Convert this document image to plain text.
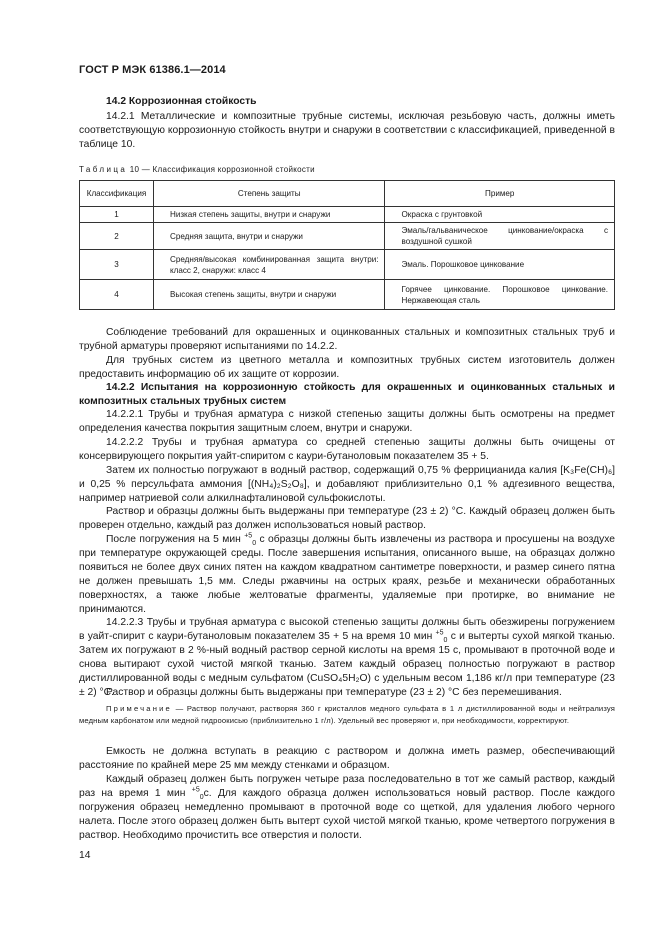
ГОСТ Р МЭК 61386.1—2014
14.2 Коррозионная стойкость
14.2.1 Металлические и композитные трубные системы, исключая резьбовую часть, должны иметь соответствующую коррозионную стойкость внутри и снаружи в соответствии с классификацией, приведенной в таблице 10.
Таблица 10 — Классификация коррозионной стойкости
Классификация	Степень защиты	Пример
1	Низкая степень защиты, внутри и снаружи	Окраска с грунтовкой
2	Средняя защита, внутри и снаружи	Эмаль/гальваническое цинкование/окраска с воздушной сушкой
3	Средняя/высокая комбинированная защита внутри: класс 2, снаружи: класс 4	Эмаль. Порошковое цинкование
4	Высокая степень защиты, внутри и снаружи	Горячее цинкование. Порошковое цинкование. Нержавеющая сталь
Соблюдение требований для окрашенных и оцинкованных стальных и композитных стальных труб и трубной арматуры проверяют испытаниями по 14.2.2.
Для трубных систем из цветного металла и композитных трубных систем изготовитель должен предоставить информацию об их защите от коррозии.
14.2.2 Испытания на коррозионную стойкость для окрашенных и оцинкованных стальных и композитных стальных трубных систем
14.2.2.1 Трубы и трубная арматура с низкой степенью защиты должны быть осмотрены на предмет определения качества покрытия защитным слоем, внутри и снаружи.
14.2.2.2 Трубы и трубная арматура со средней степенью защиты должны быть очищены от консервирующего покрытия уайт-спиритом с каури-бутаноловым показателем 35 + 5.
Затем их полностью погружают в водный раствор, содержащий 0,75 % феррицианида калия [K₃Fe(CH)₆] и 0,25 % персульфата аммония [(NH₄)₂S₂O₈], и добавляют приблизительно 0,1 % адгезивного вещества, например натриевой соли алкилнафталиновой сульфокислоты.
Раствор и образцы должны быть выдержаны при температуре (23 ± 2) °С. Каждый образец должен быть проверен отдельно, каждый раз должен использоваться новый раствор.
После погружения на 5 мин $^{+5}_0$ с образцы должны быть извлечены из раствора и просушены на воздухе при температуре окружающей среды. После завершения испытания, описанного выше, на образцах должно появиться не более двух синих пятен на каждом квадратном сантиметре поверхности, и размер синего пятна не должен превышать 1,5 мм. Следы ржавчины на острых краях, резьбе и механически обработанных поверхностях, а также любые желтоватые фрагменты, удаляемые при протирке, во внимание не принимаются.
14.2.2.3 Трубы и трубная арматура с высокой степенью защиты должны быть обезжирены погружением в уайт-спирит с каури-бутаноловым показателем 35 + 5 на время 10 мин $^{+5}_0$ с и вытерты сухой мягкой тканью. Затем их погружают в 2 %-ный водный раствор серной кислоты на время 15 с, промывают в проточной воде и снова вытирают сухой чистой мягкой тканью. Затем каждый образец полностью погружают в раствор дистиллированной воды с медным сульфатом (CuSO₄5H₂O) с удельным весом 1,186 кг/л при температуре (23 ± 2) °С.
Раствор и образцы должны быть выдержаны при температуре (23 ± 2) °С без перемешивания.
Примечание — Раствор получают, растворяя 360 г кристаллов медного сульфата в 1 л дистиллированной воды и нейтрализуя медным карбонатом или медной гидроокисью (приблизительно 1 г/л). Удельный вес проверяют и, при необходимости, корректируют.
Емкость не должна вступать в реакцию с раствором и должна иметь размер, обеспечивающий расстояние по крайней мере 25 мм между стенками и образцом.
Каждый образец должен быть погружен четыре раза последовательно в тот же самый раствор, каждый раз на время 1 мин $^{+5}_0$с. Для каждого образца должен использоваться новый раствор. После каждого погружения образец немедленно промывают в проточной воде со щеткой, для удаления любого черного налета. После этого образец должен быть вытерт сухой чистой мягкой тканью, кроме четвертого погружения в раствор. Необходимо прочистить все отверстия и полости.
14
